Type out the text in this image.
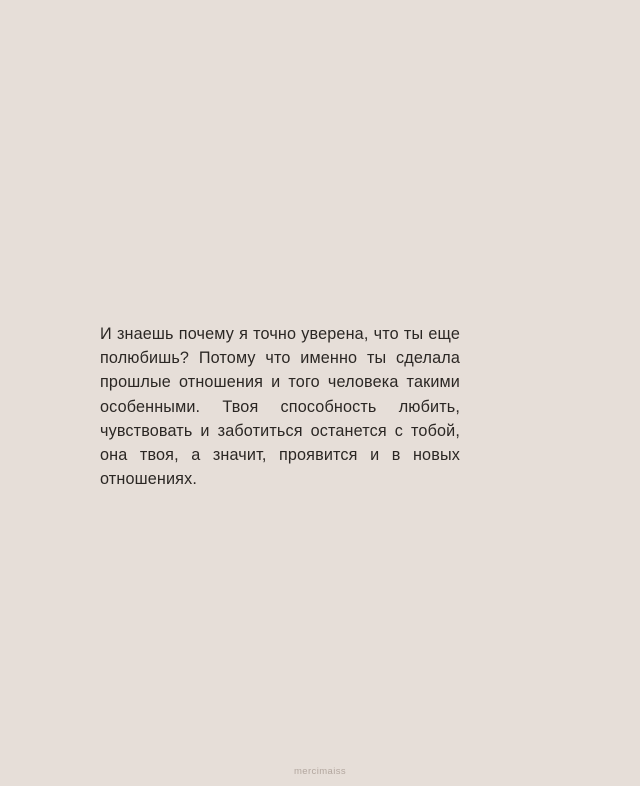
И знаешь почему я точно уверена, что ты еще полюбишь? Потому что именно ты сделала прошлые отношения и того человека такими особенными. Твоя способность любить, чувствовать и заботиться останется с тобой, она твоя, а значит, проявится и в новых отношениях.

mercimaiss
